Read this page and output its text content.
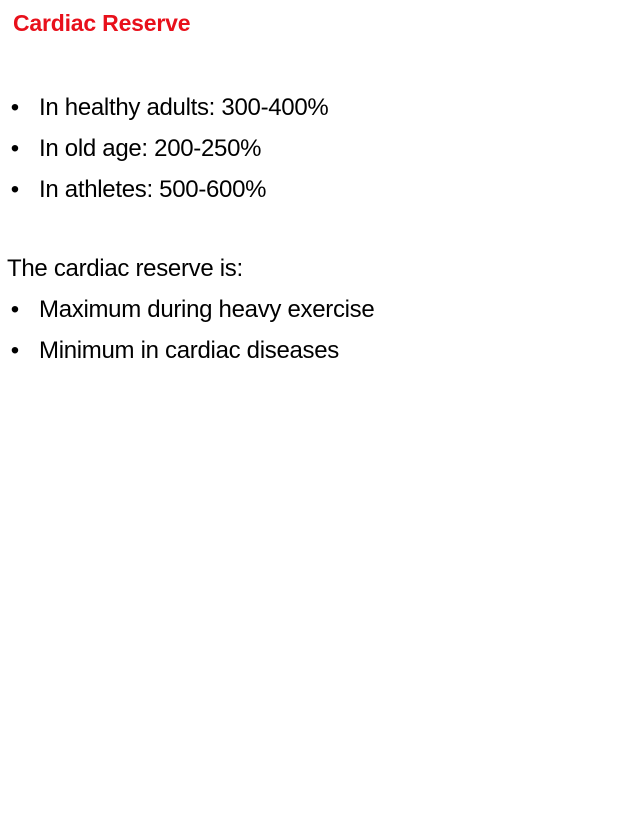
Cardiac Reserve
• In healthy adults: 300-400%
• In old age: 200-250%
• In athletes: 500-600%
The cardiac reserve is:
• Maximum during heavy exercise
• Minimum in cardiac diseases
